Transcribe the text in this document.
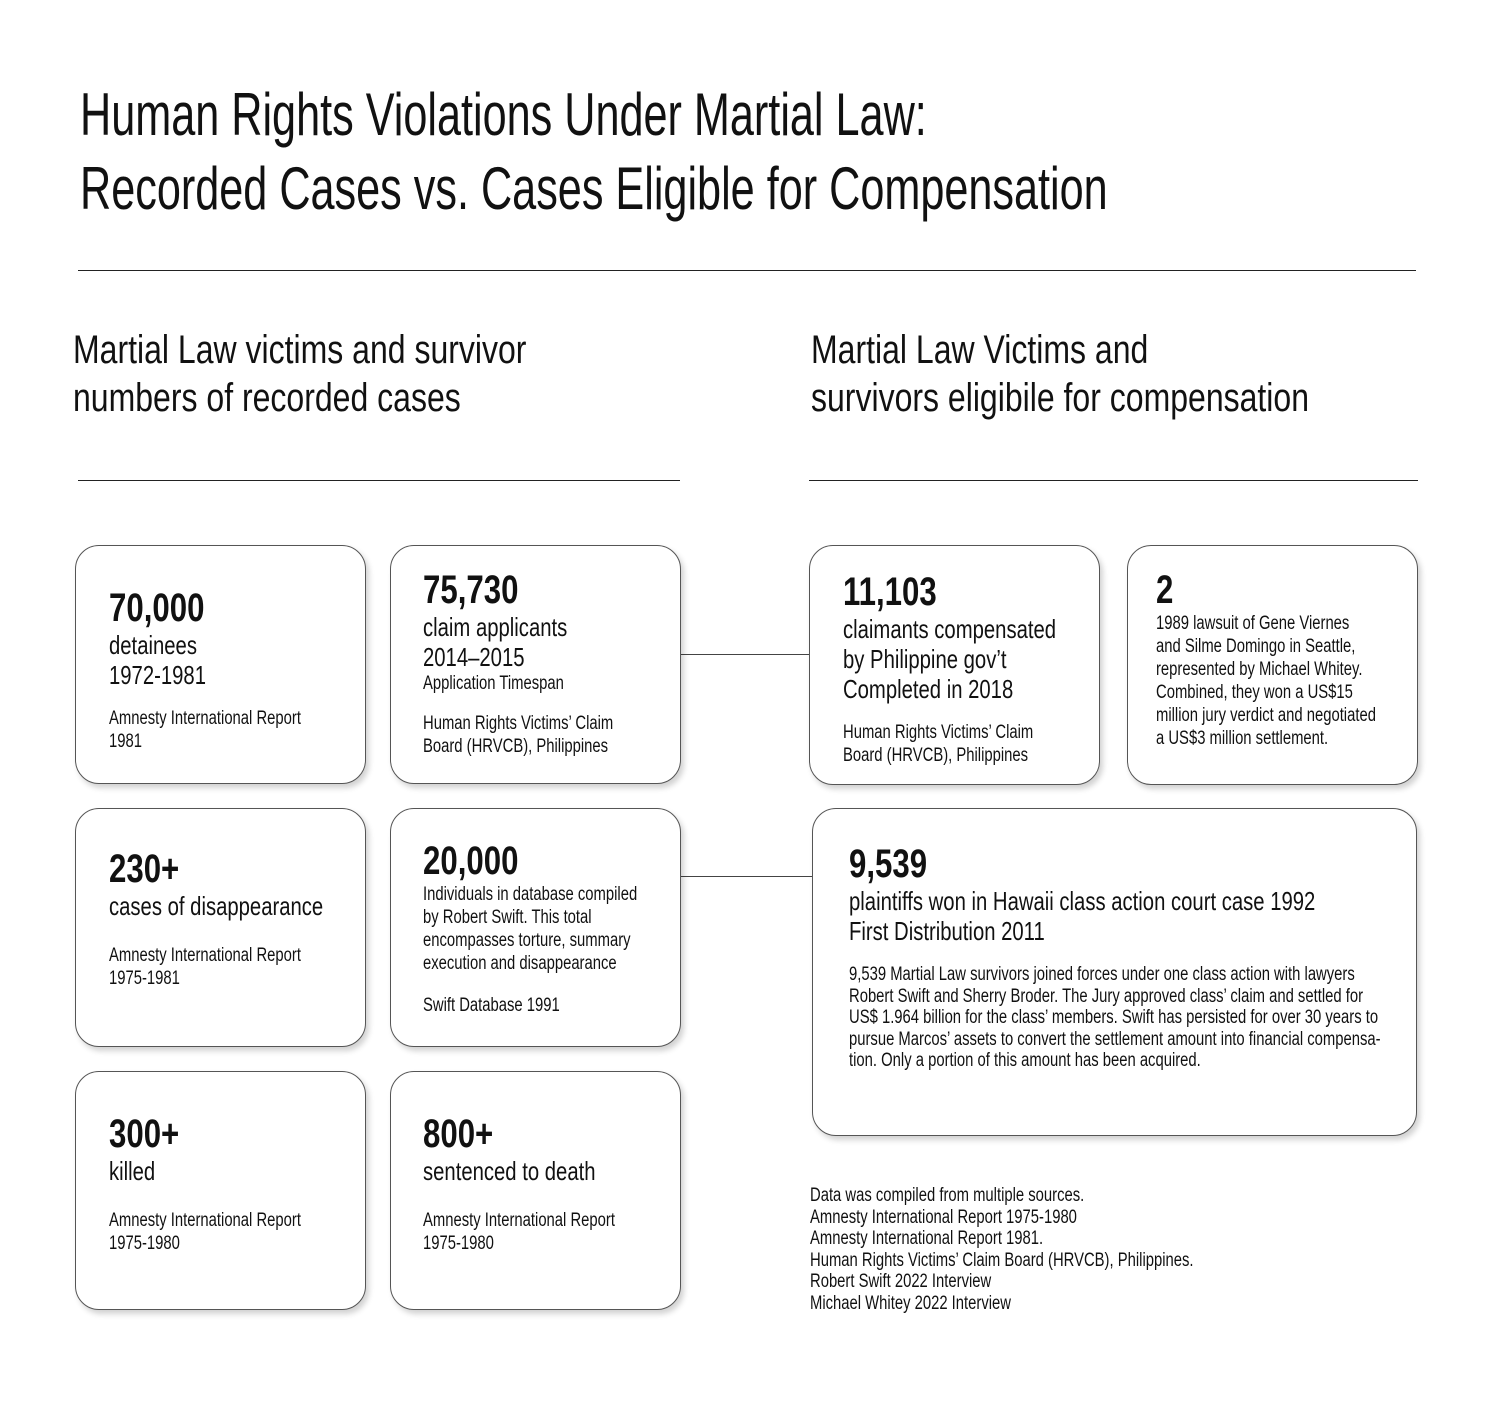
Human Rights Violations Under Martial Law:
Recorded Cases vs. Cases Eligible for Compensation
Martial Law victims and survivor
numbers of recorded cases
Martial Law Victims and
survivors eligibile for compensation
70,000
detainees
1972-1981
Amnesty International Report
1981
75,730
claim applicants
2014–2015
Application Timespan
Human Rights Victims’ Claim
Board (HRVCB), Philippines
230+
cases of disappearance
Amnesty International Report
1975-1981
20,000
Individuals in database compiled
by Robert Swift. This total
encompasses torture, summary
execution and disappearance
Swift Database 1991
300+
killed
Amnesty International Report
1975-1980
800+
sentenced to death
Amnesty International Report
1975-1980
11,103
claimants compensated
by Philippine gov’t
Completed in 2018
Human Rights Victims’ Claim
Board (HRVCB), Philippines
2
1989 lawsuit of Gene Viernes
and Silme Domingo in Seattle,
represented by Michael Whitey.
Combined, they won a US$15
million jury verdict and negotiated
a US$3 million settlement.
9,539
plaintiffs won in Hawaii class action court case 1992
First Distribution 2011
9,539 Martial Law survivors joined forces under one class action with lawyers
Robert Swift and Sherry Broder. The Jury approved class’ claim and settled for
US$ 1.964 billion for the class’ members. Swift has persisted for over 30 years to
pursue Marcos’ assets to convert the settlement amount into financial compensa-
tion. Only a portion of this amount has been acquired.
Data was compiled from multiple sources.
Amnesty International Report 1975-1980
Amnesty International Report 1981.
Human Rights Victims’ Claim Board (HRVCB), Philippines.
Robert Swift 2022 Interview
Michael Whitey 2022 Interview
